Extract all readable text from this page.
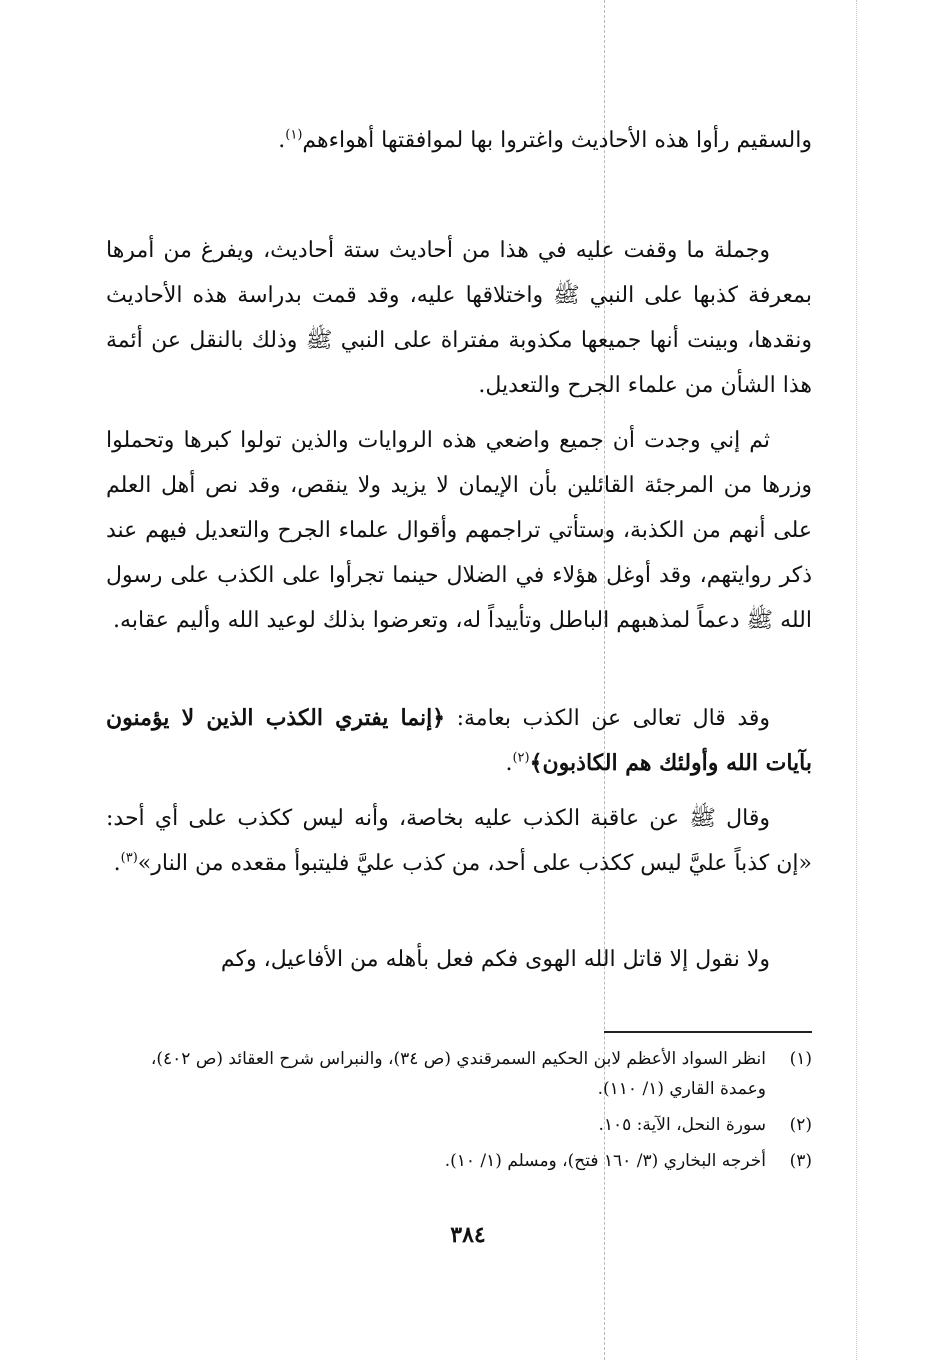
والسقيم رأوا هذه الأحاديث واغتروا بها لموافقتها أهواءهم$^{(١)}$.

وجملة ما وقفت عليه في هذا من أحاديث ستة أحاديث، ويفرغ من أمرها بمعرفة كذبها على النبي ﷺ واختلاقها عليه، وقد قمت بدراسة هذه الأحاديث ونقدها، وبينت أنها جميعها مكذوبة مفتراة على النبي ﷺ وذلك بالنقل عن أئمة هذا الشأن من علماء الجرح والتعديل.

ثم إني وجدت أن جميع واضعي هذه الروايات والذين تولوا كبرها وتحملوا وزرها من المرجئة القائلين بأن الإيمان لا يزيد ولا ينقص، وقد نص أهل العلم على أنهم من الكذبة، وستأتي تراجمهم وأقوال علماء الجرح والتعديل فيهم عند ذكر روايتهم، وقد أوغل هؤلاء في الضلال حينما تجرأوا على الكذب على رسول الله ﷺ دعماً لمذهبهم الباطل وتأييداً له، وتعرضوا بذلك لوعيد الله وأليم عقابه.

وقد قال تعالى عن الكذب بعامة: ﴿إنما يفتري الكذب الذين لا يؤمنون بآيات الله وأولئك هم الكاذبون﴾$^{(٢)}$.

وقال ﷺ عن عاقبة الكذب عليه بخاصة، وأنه ليس ككذب على أي أحد: «إن كذباً عليَّ ليس ككذب على أحد، من كذب عليَّ فليتبوأ مقعده من النار»$^{(٣)}$.

ولا نقول إلا قاتل الله الهوى فكم فعل بأهله من الأفاعيل، وكم

(١)
انظر السواد الأعظم لابن الحكيم السمرقندي (ص ٣٤)، والنبراس شرح العقائد (ص ٤٠٢)، وعمدة القاري (١/ ١١٠).
(٢)
سورة النحل، الآية: ١٠٥.
(٣)
أخرجه البخاري (٣/ ١٦٠ فتح)، ومسلم (١/ ١٠).
٣٨٤
